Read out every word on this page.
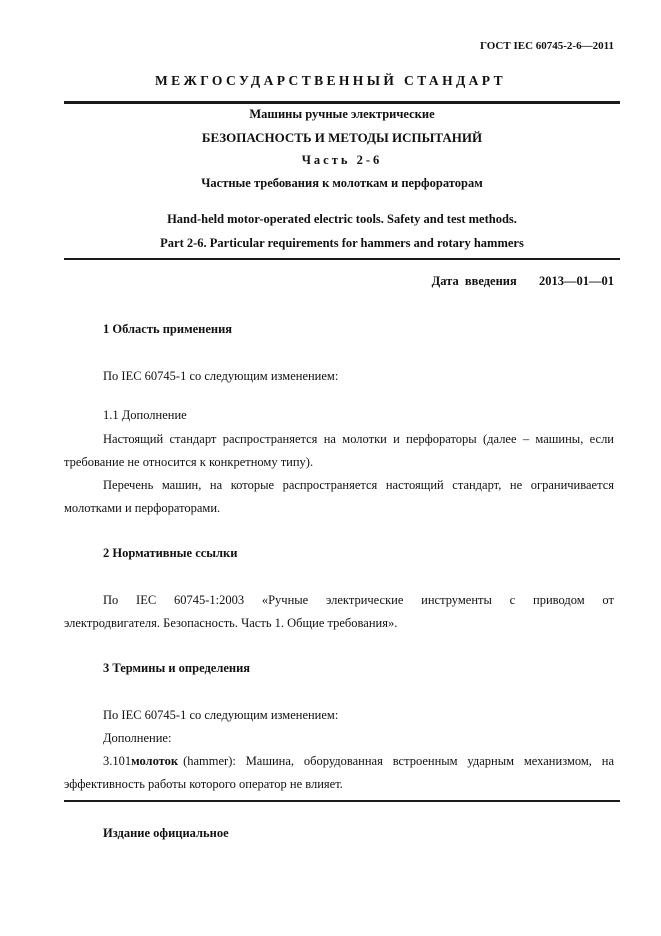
ГОСТ IEC 60745-2-6—2011
МЕЖГОСУДАРСТВЕННЫЙ СТАНДАРТ
Машины ручные электрические
БЕЗОПАСНОСТЬ И МЕТОДЫ ИСПЫТАНИЙ
Часть 2-6
Частные требования к молоткам и перфораторам
Hand-held motor-operated electric tools. Safety and test methods.
Part 2-6. Particular requirements for hammers and rotary hammers
Дата введения 2013—01—01
1 Область применения
По IEC 60745-1 со следующим изменением:
1.1 Дополнение
Настоящий стандарт распространяется на молотки и перфораторы (далее – машины, если
требование не относится к конкретному типу).
Перечень машин, на которые распространяется настоящий стандарт, не ограничивается
молотками и перфораторами.
2 Нормативные ссылки
По IEC 60745-1:2003 «Ручные электрические инструменты с приводом от
электродвигателя. Безопасность. Часть 1. Общие требования».
3 Термины и определения
По IEC 60745-1 со следующим изменением:
Дополнение:
3.101 молоток (hammer): Машина, оборудованная встроенным ударным механизмом, на
эффективность работы которого оператор не влияет.
Издание официальное
